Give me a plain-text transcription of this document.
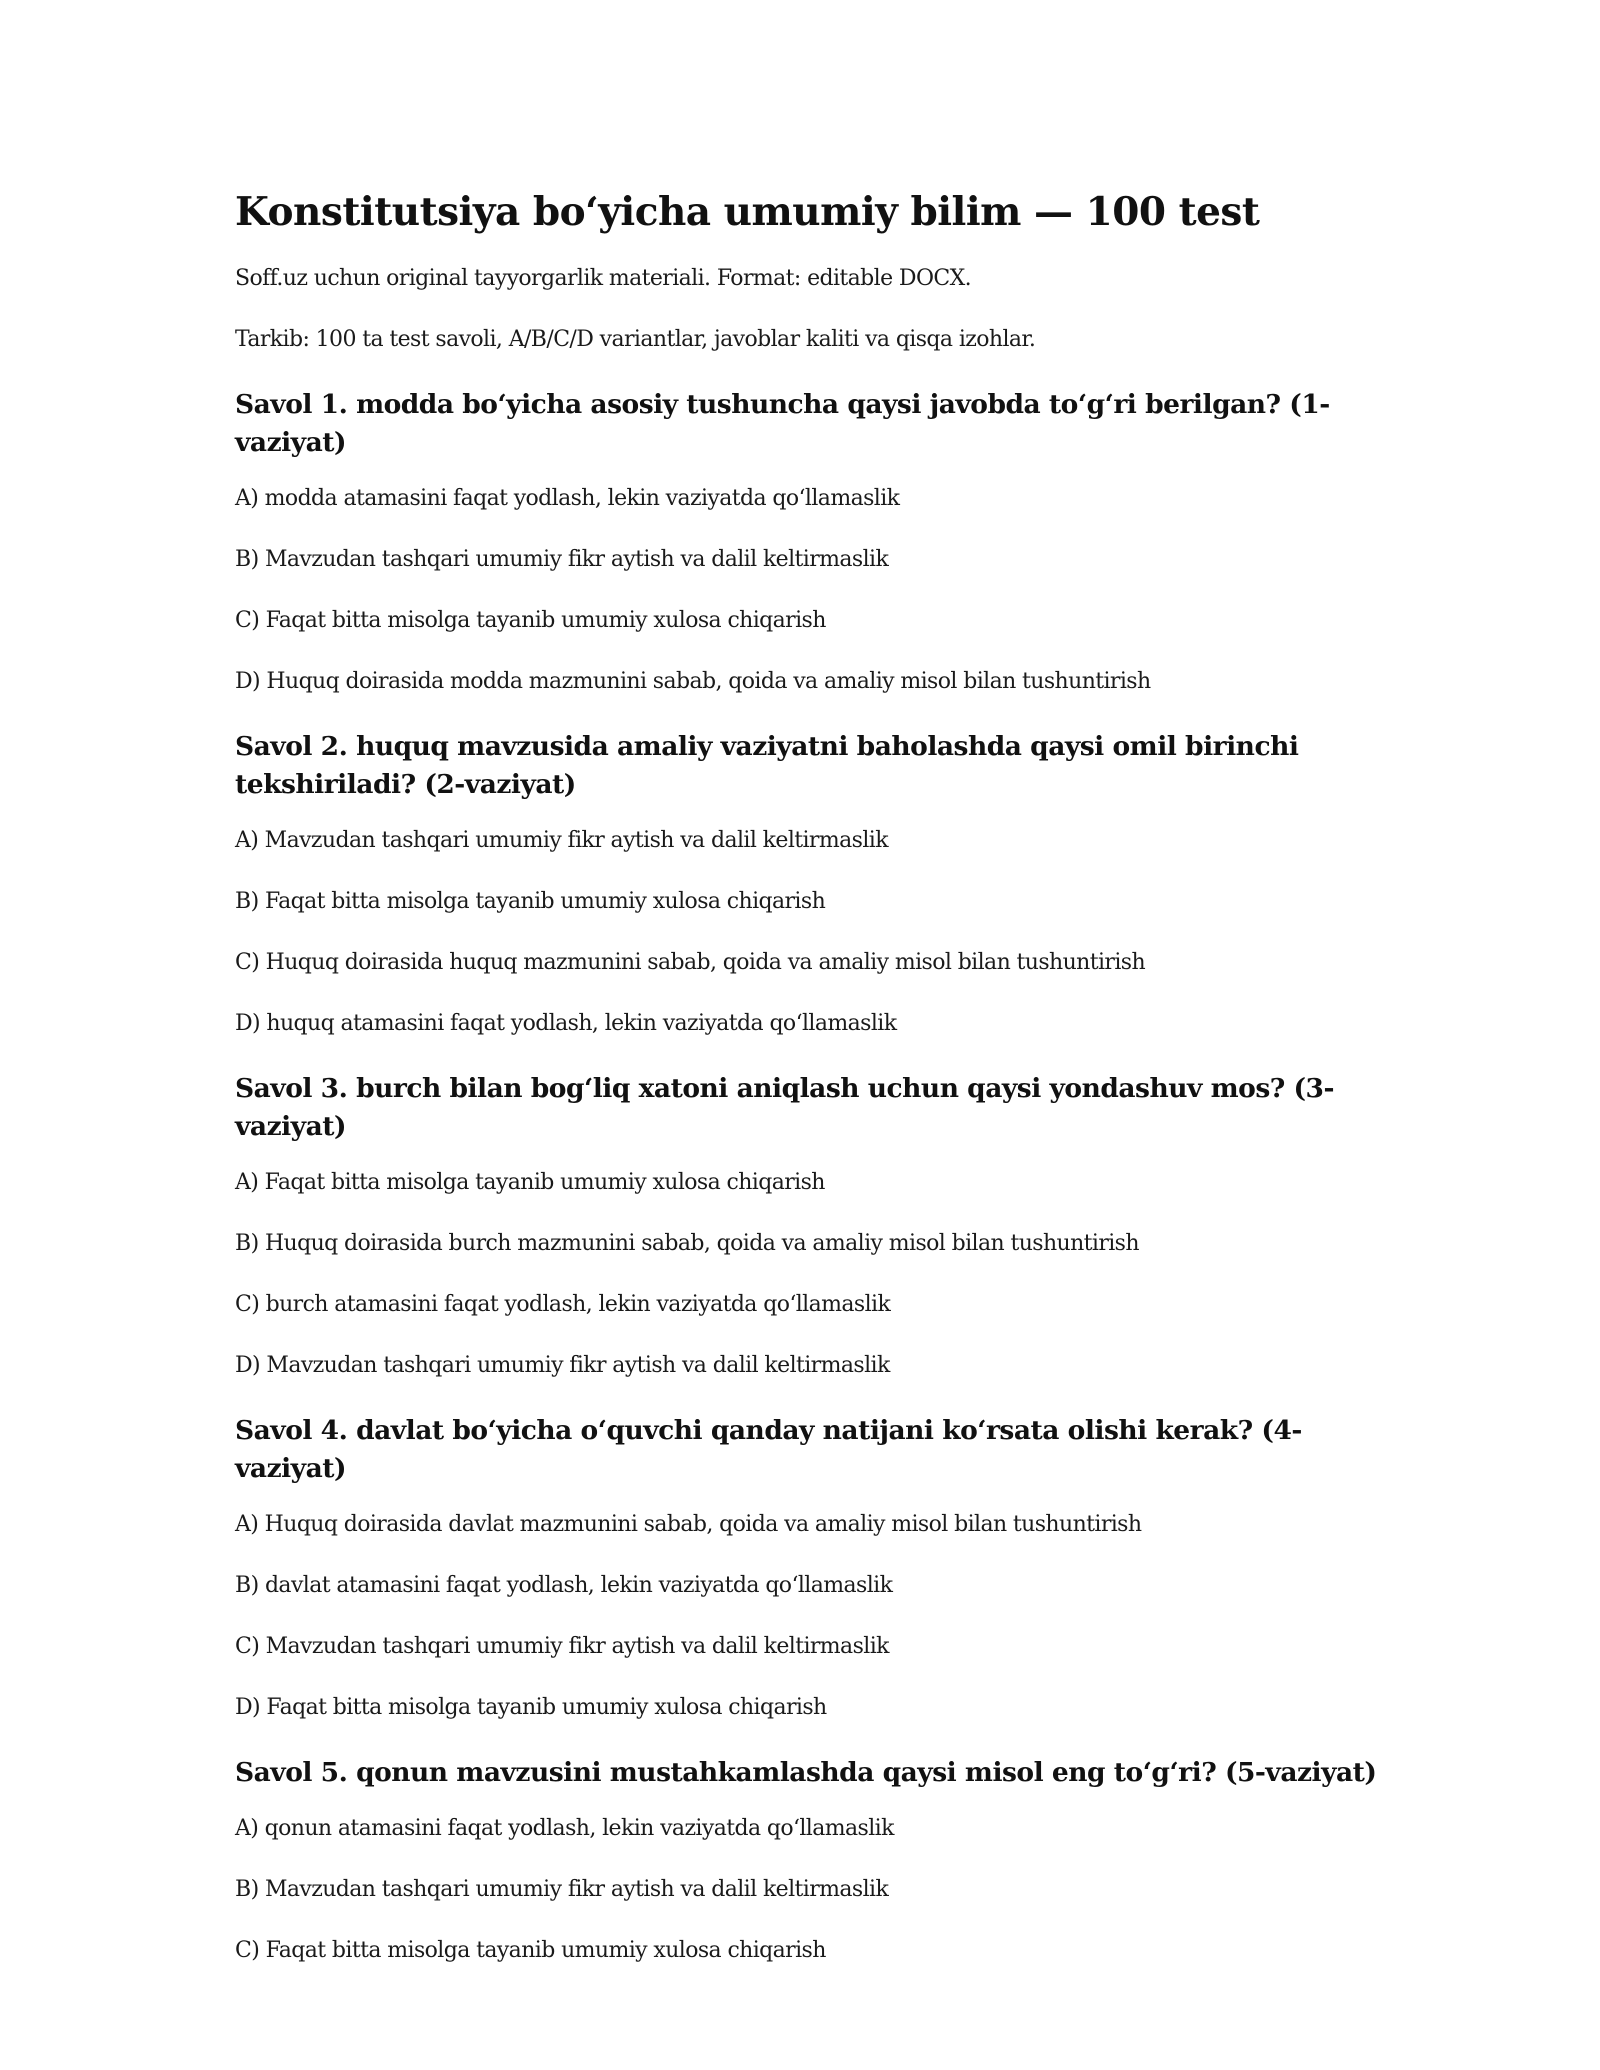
Konstitutsiya bo‘yicha umumiy bilim — 100 test

Soff.uz uchun original tayyorgarlik materiali. Format: editable DOCX.

Tarkib: 100 ta test savoli, A/B/C/D variantlar, javoblar kaliti va qisqa izohlar.

Savol 1. modda bo‘yicha asosiy tushuncha qaysi javobda to‘g‘ri berilgan? (1-vaziyat)
A) modda atamasini faqat yodlash, lekin vaziyatda qo‘llamaslik
B) Mavzudan tashqari umumiy fikr aytish va dalil keltirmaslik
C) Faqat bitta misolga tayanib umumiy xulosa chiqarish
D) Huquq doirasida modda mazmunini sabab, qoida va amaliy misol bilan tushuntirish
Savol 2. huquq mavzusida amaliy vaziyatni baholashda qaysi omil birinchi tekshiriladi? (2-vaziyat)
A) Mavzudan tashqari umumiy fikr aytish va dalil keltirmaslik
B) Faqat bitta misolga tayanib umumiy xulosa chiqarish
C) Huquq doirasida huquq mazmunini sabab, qoida va amaliy misol bilan tushuntirish
D) huquq atamasini faqat yodlash, lekin vaziyatda qo‘llamaslik
Savol 3. burch bilan bog‘liq xatoni aniqlash uchun qaysi yondashuv mos? (3-vaziyat)
A) Faqat bitta misolga tayanib umumiy xulosa chiqarish
B) Huquq doirasida burch mazmunini sabab, qoida va amaliy misol bilan tushuntirish
C) burch atamasini faqat yodlash, lekin vaziyatda qo‘llamaslik
D) Mavzudan tashqari umumiy fikr aytish va dalil keltirmaslik
Savol 4. davlat bo‘yicha o‘quvchi qanday natijani ko‘rsata olishi kerak? (4-vaziyat)
A) Huquq doirasida davlat mazmunini sabab, qoida va amaliy misol bilan tushuntirish
B) davlat atamasini faqat yodlash, lekin vaziyatda qo‘llamaslik
C) Mavzudan tashqari umumiy fikr aytish va dalil keltirmaslik
D) Faqat bitta misolga tayanib umumiy xulosa chiqarish
Savol 5. qonun mavzusini mustahkamlashda qaysi misol eng to‘g‘ri? (5-vaziyat)
A) qonun atamasini faqat yodlash, lekin vaziyatda qo‘llamaslik
B) Mavzudan tashqari umumiy fikr aytish va dalil keltirmaslik
C) Faqat bitta misolga tayanib umumiy xulosa chiqarish
